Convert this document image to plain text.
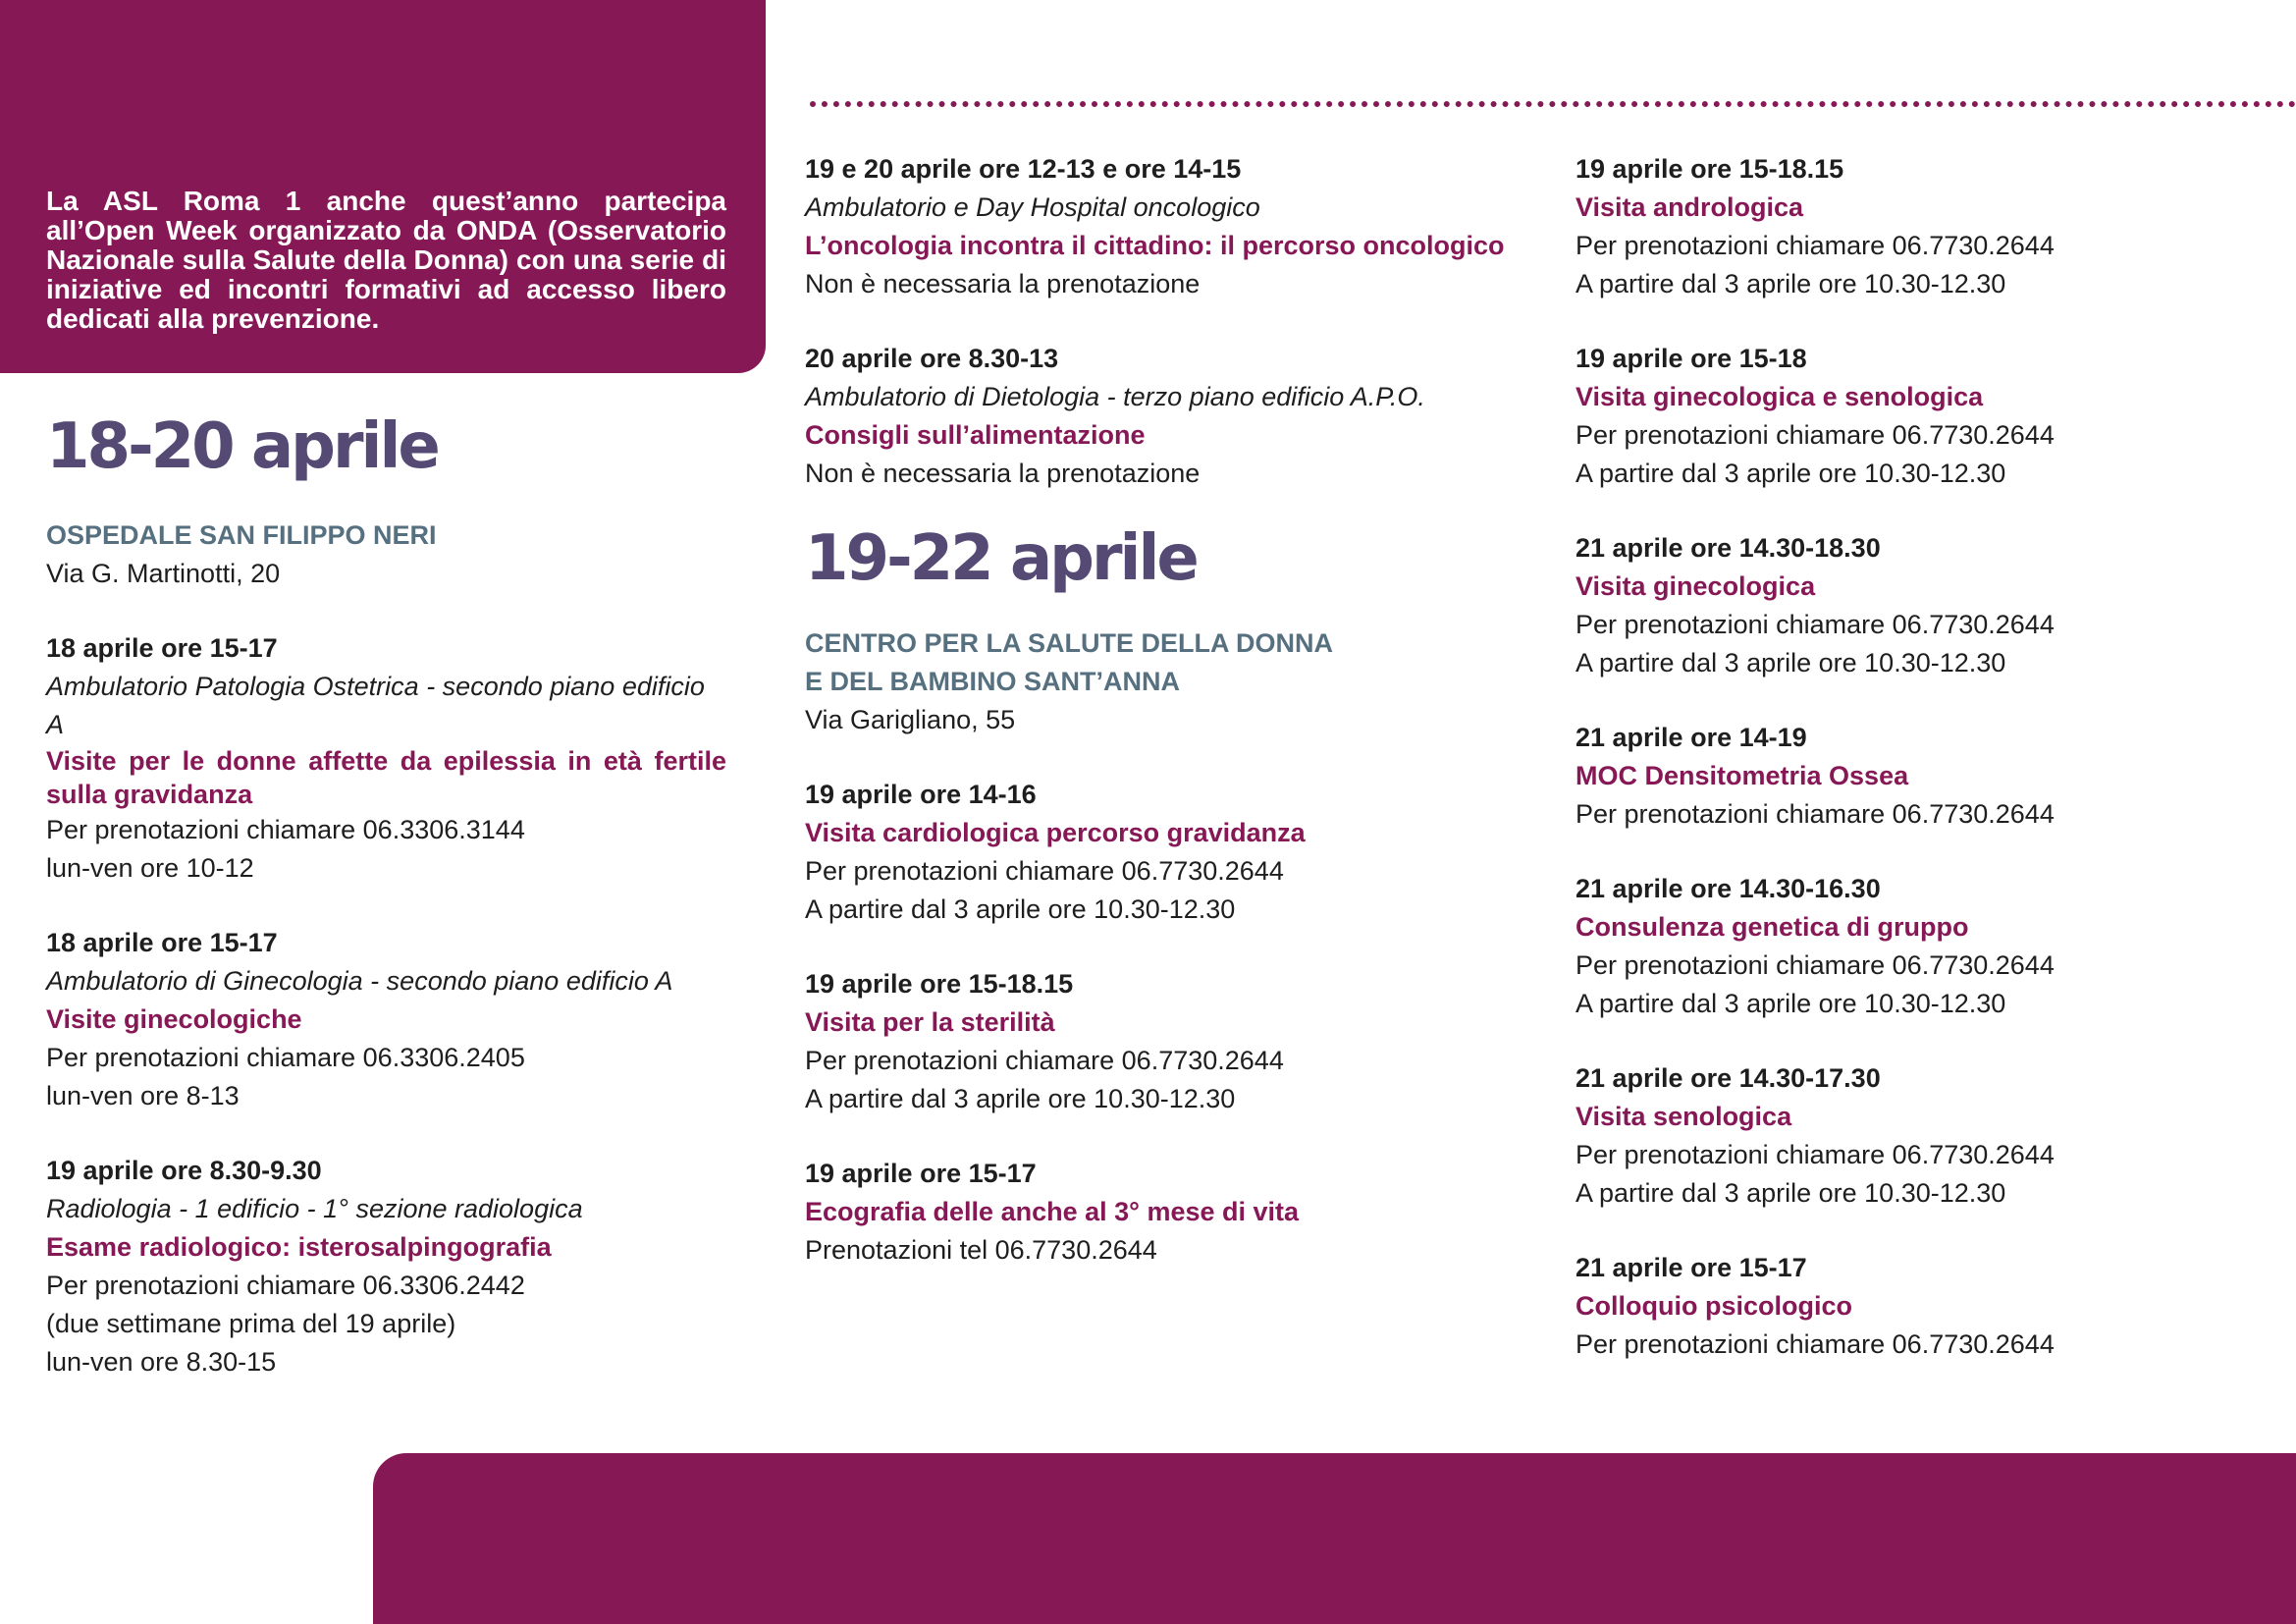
La ASL Roma 1 anche quest’anno partecipa all’Open Week organizzato da ONDA (Osservatorio Nazionale sulla Salute della Donna) con una serie di iniziative ed incontri formativi ad accesso libero dedicati alla prevenzione.

18-20 aprile
OSPEDALE SAN FILIPPO NERI
Via G. Martinotti, 20

18 aprile ore 15-17

Ambulatorio Patologia Ostetrica - secondo piano edificio A

Visite per le donne affette da epilessia in età fertile sulla gravidanza

Per prenotazioni chiamare 06.3306.3144

lun-ven ore 10-12

18 aprile ore 15-17

Ambulatorio di Ginecologia - secondo piano edificio A

Visite ginecologiche

Per prenotazioni chiamare 06.3306.2405

lun-ven ore 8-13

19 aprile ore 8.30-9.30

Radiologia - 1 edificio - 1° sezione radiologica

Esame radiologico: isterosalpingografia

Per prenotazioni chiamare 06.3306.2442

(due settimane prima del 19 aprile)

lun-ven ore 8.30-15

19 e 20 aprile ore 12-13 e ore 14-15

Ambulatorio e Day Hospital oncologico

L’oncologia incontra il cittadino: il percorso oncologico

Non è necessaria la prenotazione

20 aprile ore 8.30-13

Ambulatorio di Dietologia - terzo piano edificio A.P.O.

Consigli sull’alimentazione

Non è necessaria la prenotazione

19-22 aprile
CENTRO PER LA SALUTE DELLA DONNA
E DEL BAMBINO SANT’ANNA
Via Garigliano, 55

19 aprile ore 14-16

Visita cardiologica percorso gravidanza

Per prenotazioni chiamare 06.7730.2644

A partire dal 3 aprile ore 10.30-12.30

19 aprile ore 15-18.15

Visita per la sterilità

Per prenotazioni chiamare 06.7730.2644

A partire dal 3 aprile ore 10.30-12.30

19 aprile ore 15-17

Ecografia delle anche al 3° mese di vita

Prenotazioni tel 06.7730.2644

19 aprile ore 15-18.15

Visita andrologica

Per prenotazioni chiamare 06.7730.2644

A partire dal 3 aprile ore 10.30-12.30

19 aprile ore 15-18

Visita ginecologica e senologica

Per prenotazioni chiamare 06.7730.2644

A partire dal 3 aprile ore 10.30-12.30

21 aprile ore 14.30-18.30

Visita ginecologica

Per prenotazioni chiamare 06.7730.2644

A partire dal 3 aprile ore 10.30-12.30

21 aprile ore 14-19

MOC Densitometria Ossea

Per prenotazioni chiamare 06.7730.2644

21 aprile ore 14.30-16.30

Consulenza genetica di gruppo

Per prenotazioni chiamare 06.7730.2644

A partire dal 3 aprile ore 10.30-12.30

21 aprile ore 14.30-17.30

Visita senologica

Per prenotazioni chiamare 06.7730.2644

A partire dal 3 aprile ore 10.30-12.30

21 aprile ore 15-17

Colloquio psicologico

Per prenotazioni chiamare 06.7730.2644
